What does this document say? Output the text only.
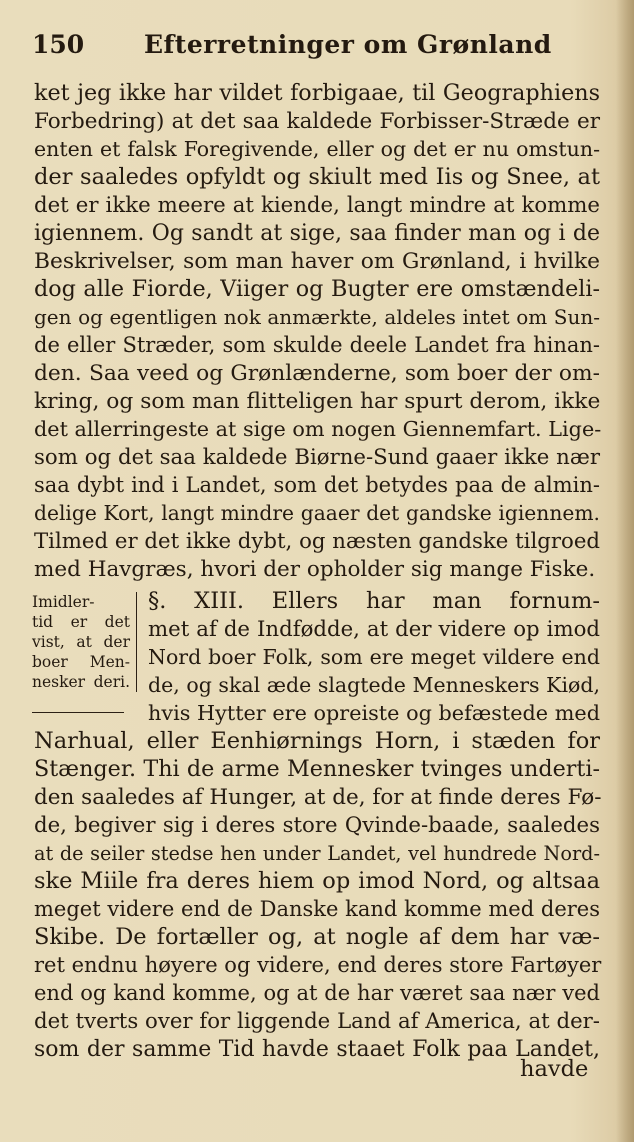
150 Efterretninger om Grønland
ket jeg ikke har vildet forbigaae, til Geographiens
Forbedring) at det saa kaldede Forbisser-Stræde er
enten et falsk Foregivende, eller og det er nu omstun-
der saaledes opfyldt og skiult med Iis og Snee, at
det er ikke meere at kiende, langt mindre at komme
igiennem. Og sandt at sige, saa finder man og i de
Beskrivelser, som man haver om Grønland, i hvilke
dog alle Fiorde, Viiger og Bugter ere omstændeli-
gen og egentligen nok anmærkte, aldeles intet om Sun-
de eller Stræder, som skulde deele Landet fra hinan-
den. Saa veed og Grønlænderne, som boer der om-
kring, og som man flitteligen har spurt derom, ikke
det allerringeste at sige om nogen Giennemfart. Lige-
som og det saa kaldede Biørne-Sund gaaer ikke nær
saa dybt ind i Landet, som det betydes paa de almin-
delige Kort, langt mindre gaaer det gandske igiennem.
Tilmed er det ikke dybt, og næsten gandske tilgroed
med Havgræs, hvori der opholder sig mange Fiske.
Imidler-
tid er det
vist, at der
boer Men-
nesker deri.
§. XIII. Ellers har man fornum-
met af de Indfødde, at der videre op imod
Nord boer Folk, som ere meget vildere end
de, og skal æde slagtede Menneskers Kiød,
hvis Hytter ere opreiste og befæstede med
Narhual, eller Eenhiørnings Horn, i stæden for
Stænger. Thi de arme Mennesker tvinges underti-
den saaledes af Hunger, at de, for at finde deres Fø-
de, begiver sig i deres store Qvinde-baade, saaledes
at de seiler stedse hen under Landet, vel hundrede Nord-
ske Miile fra deres hiem op imod Nord, og altsaa
meget videre end de Danske kand komme med deres
Skibe. De fortæller og, at nogle af dem har væ-
ret endnu høyere og videre, end deres store Fartøyer
end og kand komme, og at de har været saa nær ved
det tverts over for liggende Land af America, at der-
som der samme Tid havde staaet Folk paa Landet,
havde
